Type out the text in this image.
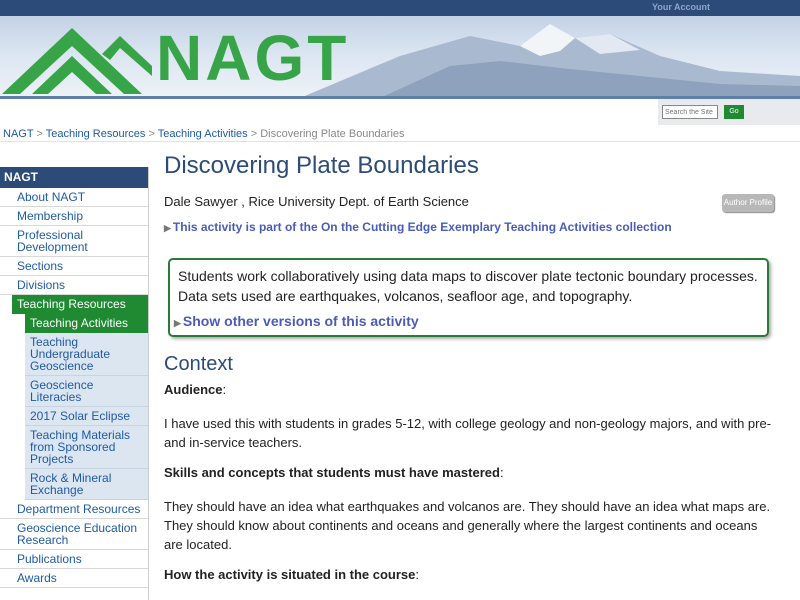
Your Account
NAGT
Search the Site
Go
NAGT > Teaching Resources > Teaching Activities > Discovering Plate Boundaries
NAGT
About NAGT
Membership
Professional Development
Sections
Divisions
Teaching Resources
Teaching Activities
Teaching Undergraduate Geoscience
Geoscience Literacies
2017 Solar Eclipse
Teaching Materials from Sponsored Projects
Rock & Mineral Exchange
Department Resources
Geoscience Education Research
Publications
Awards
Discovering Plate Boundaries
Dale Sawyer , Rice University Dept. of Earth Science	Author Profile
▶ This activity is part of the On the Cutting Edge Exemplary Teaching Activities collection
Students work collaboratively using data maps to discover plate tectonic boundary processes. Data sets used are earthquakes, volcanos, seafloor age, and topography.
▶ Show other versions of this activity
Context
Audience:
I have used this with students in grades 5-12, with college geology and non-geology majors, and with pre- and in-service teachers.
Skills and concepts that students must have mastered:
They should have an idea what earthquakes and volcanos are. They should have an idea what maps are. They should know about continents and oceans and generally where the largest continents and oceans are located.
How the activity is situated in the course:
